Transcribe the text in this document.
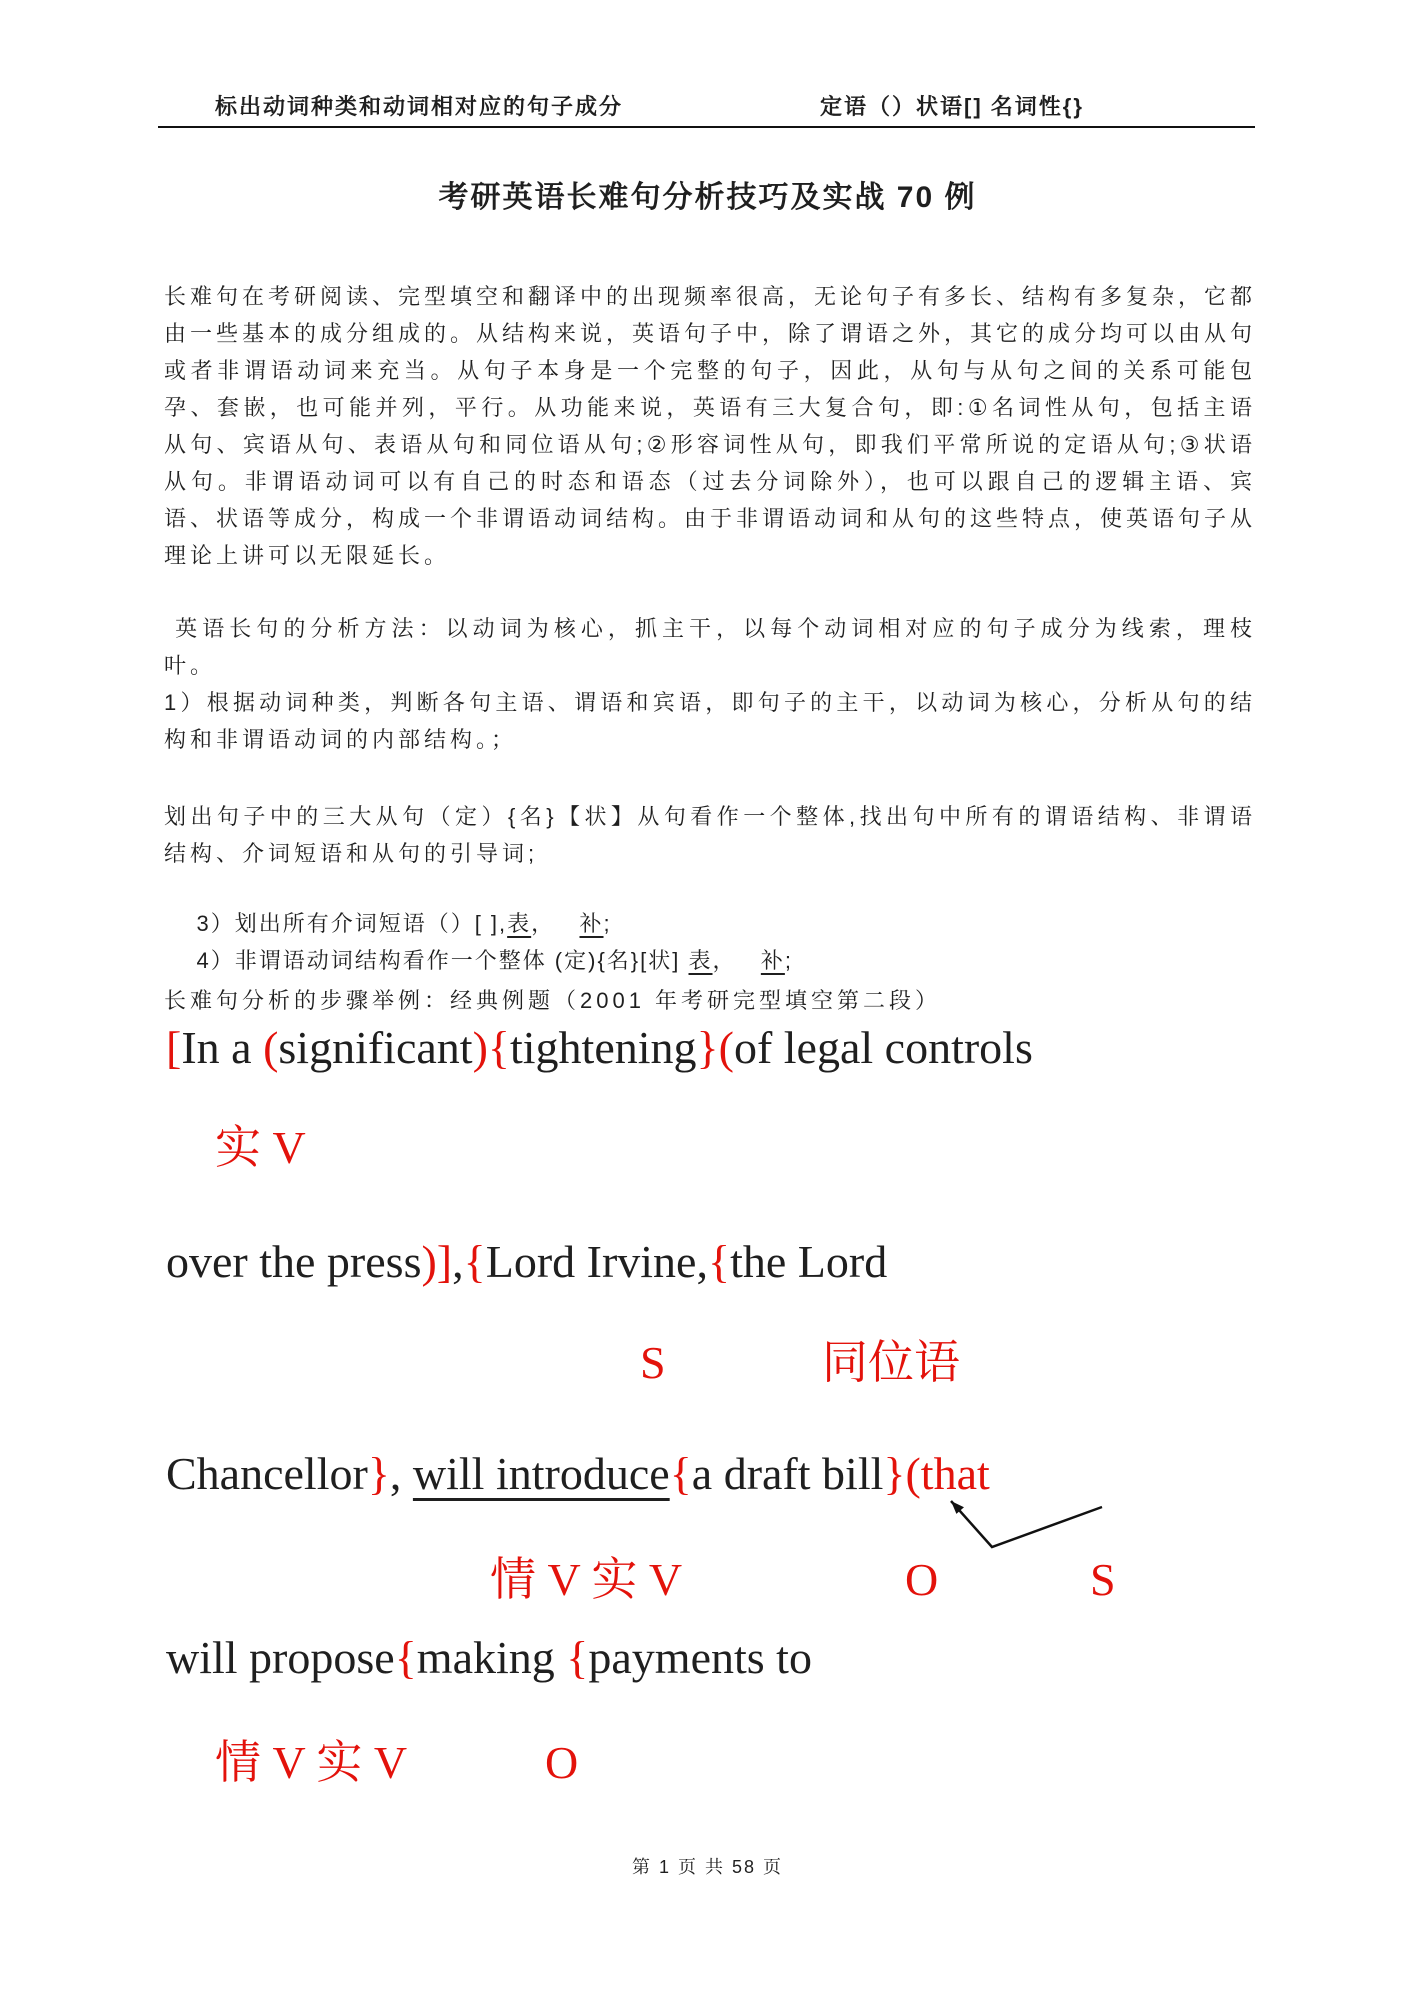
标出动词种类和动词相对应的句子成分	定语（）状语[] 名词性{}
考研英语长难句分析技巧及实战 70 例
长难句在考研阅读、完型填空和翻译中的出现频率很高，无论句子有多长、结构有多复杂，它都由一些基本的成分组成的。从结构来说，英语句子中，除了谓语之外，其它的成分均可以由从句或者非谓语动词来充当。从句子本身是一个完整的句子，因此，从句与从句之间的关系可能包孕、套嵌，也可能并列，平行。从功能来说，英语有三大复合句，即:①名词性从句，包括主语从句、宾语从句、表语从句和同位语从句;②形容词性从句，即我们平常所说的定语从句;③状语从句。非谓语动词可以有自己的时态和语态（过去分词除外），也可以跟自己的逻辑主语、宾语、状语等成分，构成一个非谓语动词结构。由于非谓语动词和从句的这些特点，使英语句子从理论上讲可以无限延长。
英语长句的分析方法：以动词为核心，抓主干，以每个动词相对应的句子成分为线索，理枝叶。
1）根据动词种类，判断各句主语、谓语和宾语，即句子的主干，以动词为核心，分析从句的结构和非谓语动词的内部结构。；
划出句子中的三大从句（定）{名}【状】从句看作一个整体,找出句中所有的谓语结构、非谓语结构、介词短语和从句的引导词;

3）划出所有介词短语（）[ ],表，   补;

4）非谓语动词结构看作一个整体 (定){名}[状] 表，   补;

长难句分析的步骤举例：经典例题（2001 年考研完型填空第二段）
[In a (significant){tightening}(of legal controls
实 V
over the press)],{Lord Irvine,{the Lord
S	同位语
Chancellor}, will introduce{a draft bill}(that
情 V 实 V	O	S
will propose{making {payments to
情 V 实 V	O
第 1 页 共 58 页
